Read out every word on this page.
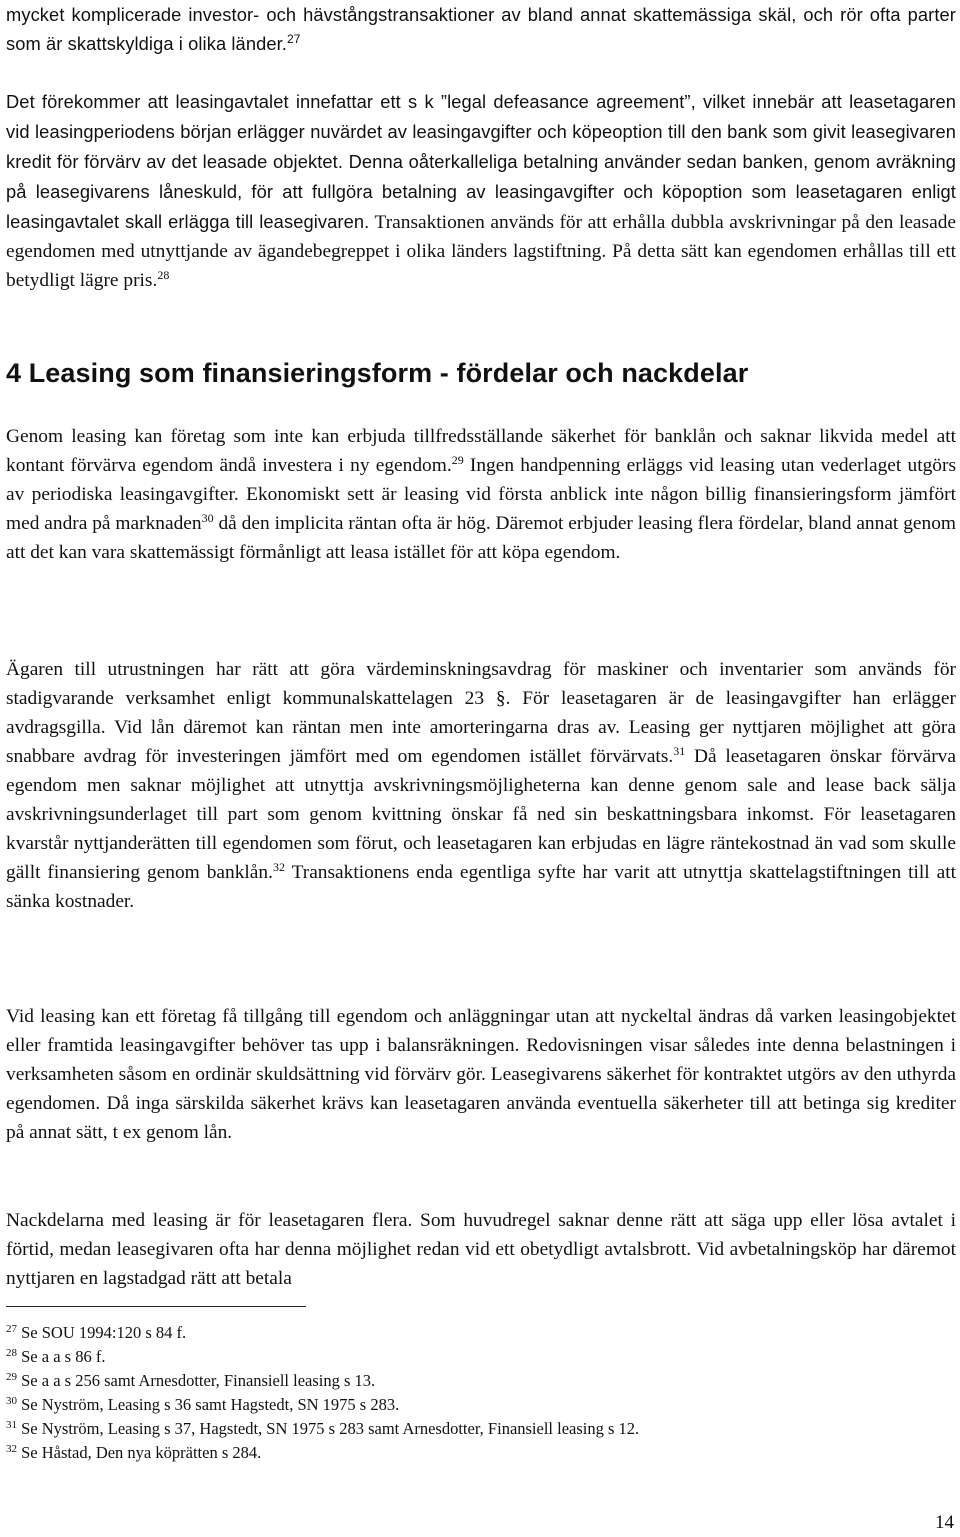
mycket komplicerade investor- och hävstångstransaktioner av bland annat skattemässiga skäl, och rör ofta parter som är skattskyldiga i olika länder.$^{27}$

Det förekommer att leasingavtalet innefattar ett s k ”legal defeasance agreement”, vilket innebär att leasetagaren vid leasingperiodens början erlägger nuvärdet av leasingavgifter och köpeoption till den bank som givit leasegivaren kredit för förvärv av det leasade objektet. Denna oåterkalleliga betalning använder sedan banken, genom avräkning på leasegivarens låneskuld, för att fullgöra betalning av leasingavgifter och köpoption som leasetagaren enligt leasingavtalet skall erlägga till leasegivaren. Transaktionen används för att erhålla dubbla avskrivningar på den leasade egendomen med utnyttjande av ägandebegreppet i olika länders lagstiftning. På detta sätt kan egendomen erhållas till ett betydligt lägre pris.$^{28}$

4 Leasing som finansieringsform - fördelar och nackdelar

Genom leasing kan företag som inte kan erbjuda tillfredsställande säkerhet för banklån och saknar likvida medel att kontant förvärva egendom ändå investera i ny egendom.$^{29}$ Ingen handpenning erläggs vid leasing utan vederlaget utgörs av periodiska leasingavgifter. Ekonomiskt sett är leasing vid första anblick inte någon billig finansieringsform jämfört med andra på marknaden$^{30}$ då den implicita räntan ofta är hög. Däremot erbjuder leasing flera fördelar, bland annat genom att det kan vara skattemässigt förmånligt att leasa istället för att köpa egendom.

Ägaren till utrustningen har rätt att göra värdeminskningsavdrag för maskiner och inventarier som används för stadigvarande verksamhet enligt kommunalskattelagen 23 §. För leasetagaren är de leasingavgifter han erlägger avdragsgilla. Vid lån däremot kan räntan men inte amorteringarna dras av. Leasing ger nyttjaren möjlighet att göra snabbare avdrag för investeringen jämfört med om egendomen istället förvärvats.$^{31}$ Då leasetagaren önskar förvärva egendom men saknar möjlighet att utnyttja avskrivningsmöjligheterna kan denne genom sale and lease back sälja avskrivningsunderlaget till part som genom kvittning önskar få ned sin beskattningsbara inkomst. För leasetagaren kvarstår nyttjanderätten till egendomen som förut, och leasetagaren kan erbjudas en lägre räntekostnad än vad som skulle gällt finansiering genom banklån.$^{32}$ Transaktionens enda egentliga syfte har varit att utnyttja skattelagstiftningen till att sänka kostnader.

Vid leasing kan ett företag få tillgång till egendom och anläggningar utan att nyckeltal ändras då varken leasingobjektet eller framtida leasingavgifter behöver tas upp i balansräkningen. Redovisningen visar således inte denna belastningen i verksamheten såsom en ordinär skuldsättning vid förvärv gör. Leasegivarens säkerhet för kontraktet utgörs av den uthyrda egendomen. Då inga särskilda säkerhet krävs kan leasetagaren använda eventuella säkerheter till att betinga sig krediter på annat sätt, t ex genom lån.

Nackdelarna med leasing är för leasetagaren flera. Som huvudregel saknar denne rätt att säga upp eller lösa avtalet i förtid, medan leasegivaren ofta har denna möjlighet redan vid ett obetydligt avtalsbrott. Vid avbetalningsköp har däremot nyttjaren en lagstadgad rätt att betala

$^{27}$ Se SOU 1994:120 s 84 f.

$^{28}$ Se a a s 86 f.

$^{29}$ Se a a s 256 samt Arnesdotter, Finansiell leasing s 13.

$^{30}$ Se Nyström, Leasing s 36 samt Hagstedt, SN 1975 s 283.

$^{31}$ Se Nyström, Leasing s 37, Hagstedt, SN 1975 s 283 samt Arnesdotter, Finansiell leasing s 12.

$^{32}$ Se Håstad, Den nya köprätten s 284.

14
